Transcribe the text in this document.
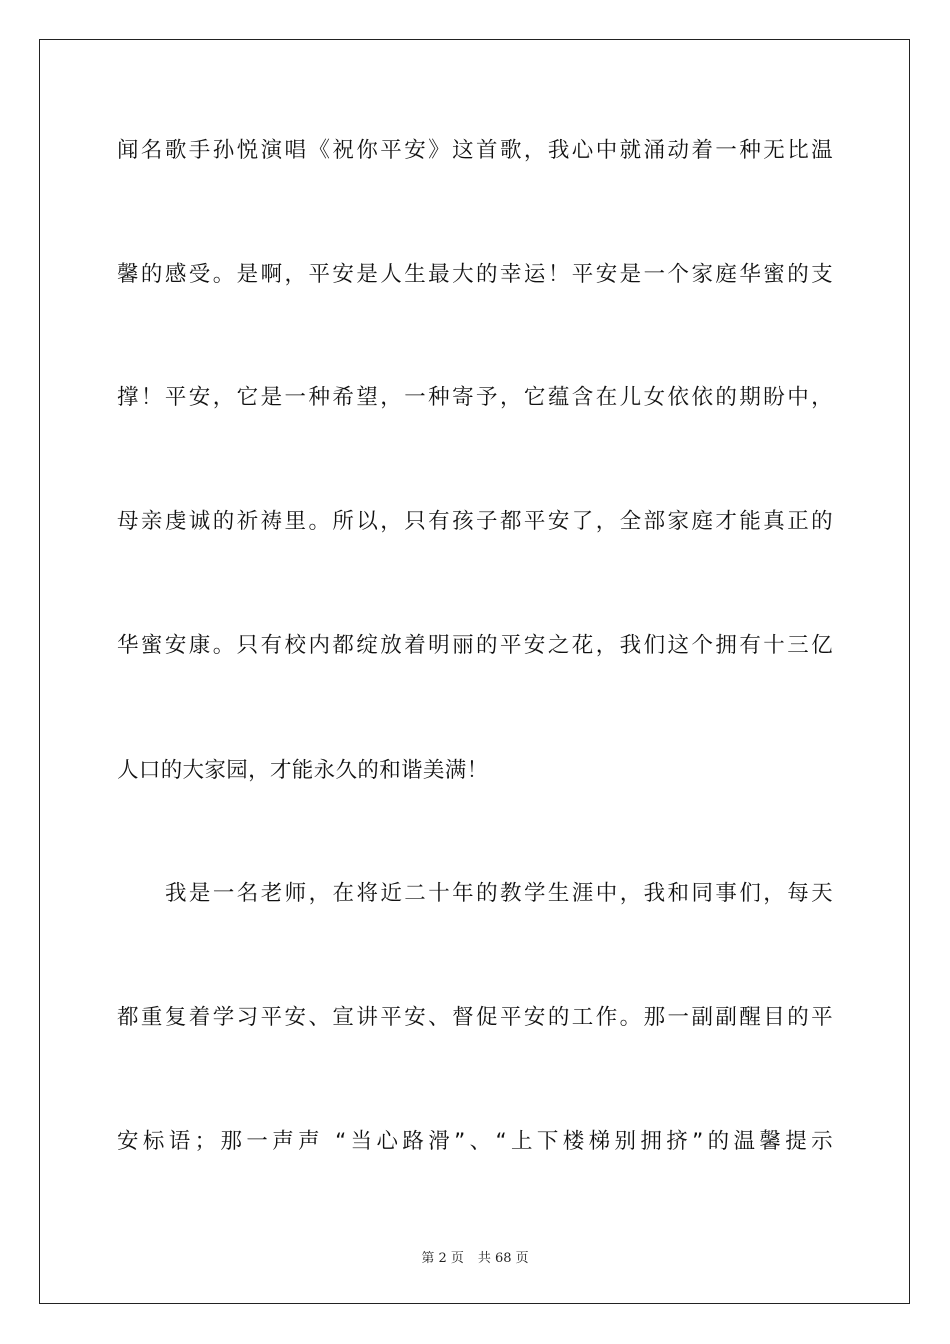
闻名歌手孙悦演唱《祝你平安》这首歌，我心中就涌动着一种无比温
馨的感受。是啊，平安是人生最大的幸运！平安是一个家庭华蜜的支
撑！平安，它是一种希望，一种寄予，它蕴含在儿女依依的期盼中，
母亲虔诚的祈祷里。所以，只有孩子都平安了，全部家庭才能真正的
华蜜安康。只有校内都绽放着明丽的平安之花，我们这个拥有十三亿
人口的大家园，才能永久的和谐美满！
我是一名老师，在将近二十年的教学生涯中，我和同事们，每天
都重复着学习平安、宣讲平安、督促平安的工作。那一副副醒目的平
安标语；那一声声 “当心路滑”、“上下楼梯别拥挤”的温馨提示
第 2 页 共 68 页
